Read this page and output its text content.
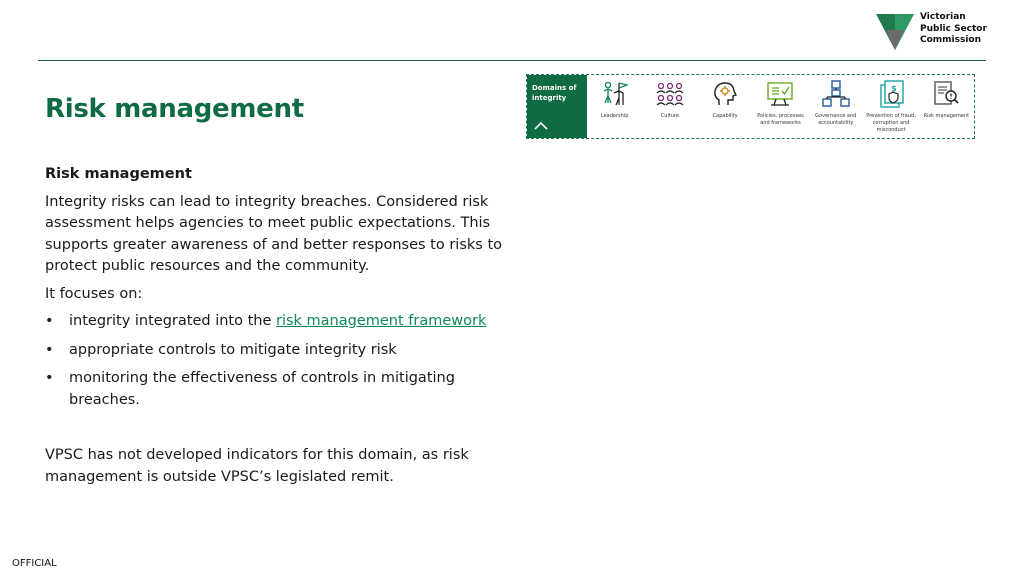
Victorian
Public Sector
Commission
Risk management
Domains of
integrity
Leadership	Culture	Capability	Policies, processes and frameworks
Governance and accountability
$
Prevention of fraud, corruption and misconduct
Risk management
Risk management

Integrity risks can lead to integrity breaches. Considered risk assessment helps agencies to meet public expectations. This supports greater awareness of and better responses to risks to protect public resources and the community.

It focuses on:

• integrity integrated into the risk management framework
• appropriate controls to mitigate integrity risk
• monitoring the effectiveness of controls in mitigating breaches.

VPSC has not developed indicators for this domain, as risk management is outside VPSC’s legislated remit.

OFFICIAL
